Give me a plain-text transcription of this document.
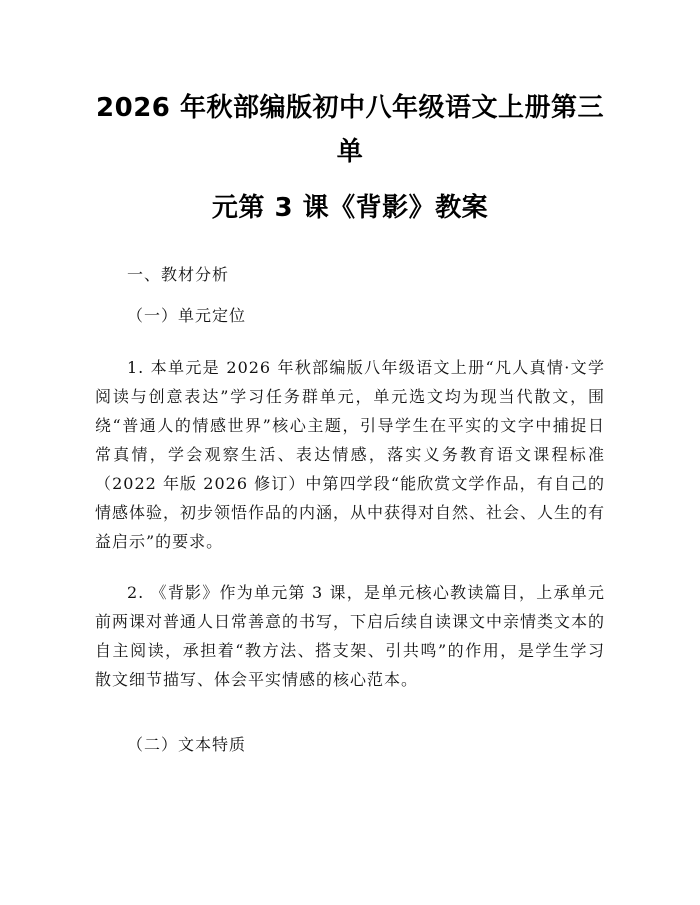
2026 年秋部编版初中八年级语文上册第三单
元第 3 课《背影》教案
一、教材分析
（一）单元定位

1. 本单元是 2026 年秋部编版八年级语文上册“凡人真情·文学阅读与创意表达”学习任务群单元，单元选文均为现当代散文，围绕“普通人的情感世界”核心主题，引导学生在平实的文字中捕捉日常真情，学会观察生活、表达情感，落实义务教育语文课程标准（2022 年版 2026 修订）中第四学段“能欣赏文学作品，有自己的情感体验，初步领悟作品的内涵，从中获得对自然、社会、人生的有益启示”的要求。

2. 《背影》作为单元第 3 课，是单元核心教读篇目，上承单元前两课对普通人日常善意的书写，下启后续自读课文中亲情类文本的自主阅读，承担着“教方法、搭支架、引共鸣”的作用，是学生学习散文细节描写、体会平实情感的核心范本。

（二）文本特质
